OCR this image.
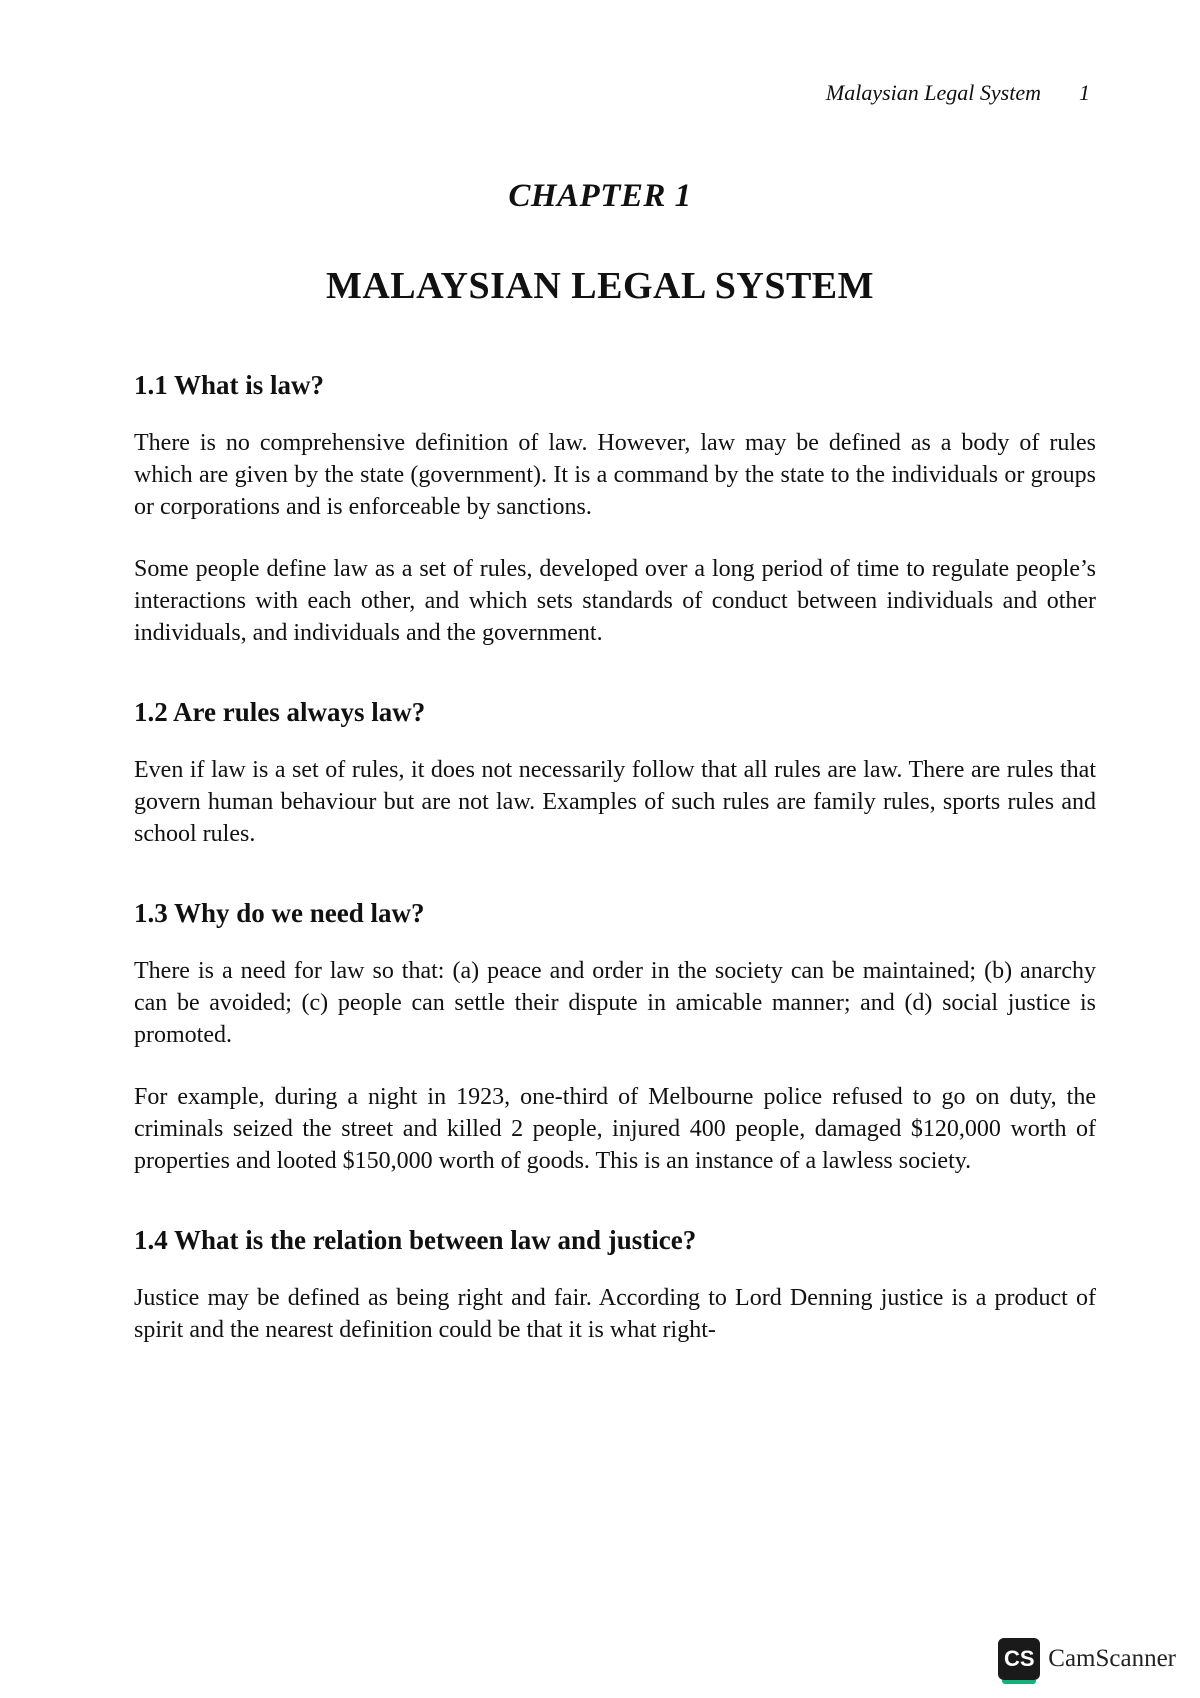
Malaysian Legal System 1
CHAPTER 1
MALAYSIAN LEGAL SYSTEM
1.1 What is law?

There is no comprehensive definition of law. However, law may be defined as a body of rules which are given by the state (government). It is a command by the state to the individuals or groups or corporations and is enforceable by sanctions.

Some people define law as a set of rules, developed over a long period of time to regulate people’s interactions with each other, and which sets standards of conduct between individuals and other individuals, and individuals and the government.

1.2 Are rules always law?

Even if law is a set of rules, it does not necessarily follow that all rules are law. There are rules that govern human behaviour but are not law. Examples of such rules are family rules, sports rules and school rules.

1.3 Why do we need law?

There is a need for law so that: (a) peace and order in the society can be maintained; (b) anarchy can be avoided; (c) people can settle their dispute in amicable manner; and (d) social justice is promoted.

For example, during a night in 1923, one-third of Melbourne police refused to go on duty, the criminals seized the street and killed 2 people, injured 400 people, damaged $120,000 worth of properties and looted $150,000 worth of goods. This is an instance of a lawless society.

1.4 What is the relation between law and justice?

Justice may be defined as being right and fair. According to Lord Denning justice is a product of spirit and the nearest definition could be that it is what right-

CS CamScanner
